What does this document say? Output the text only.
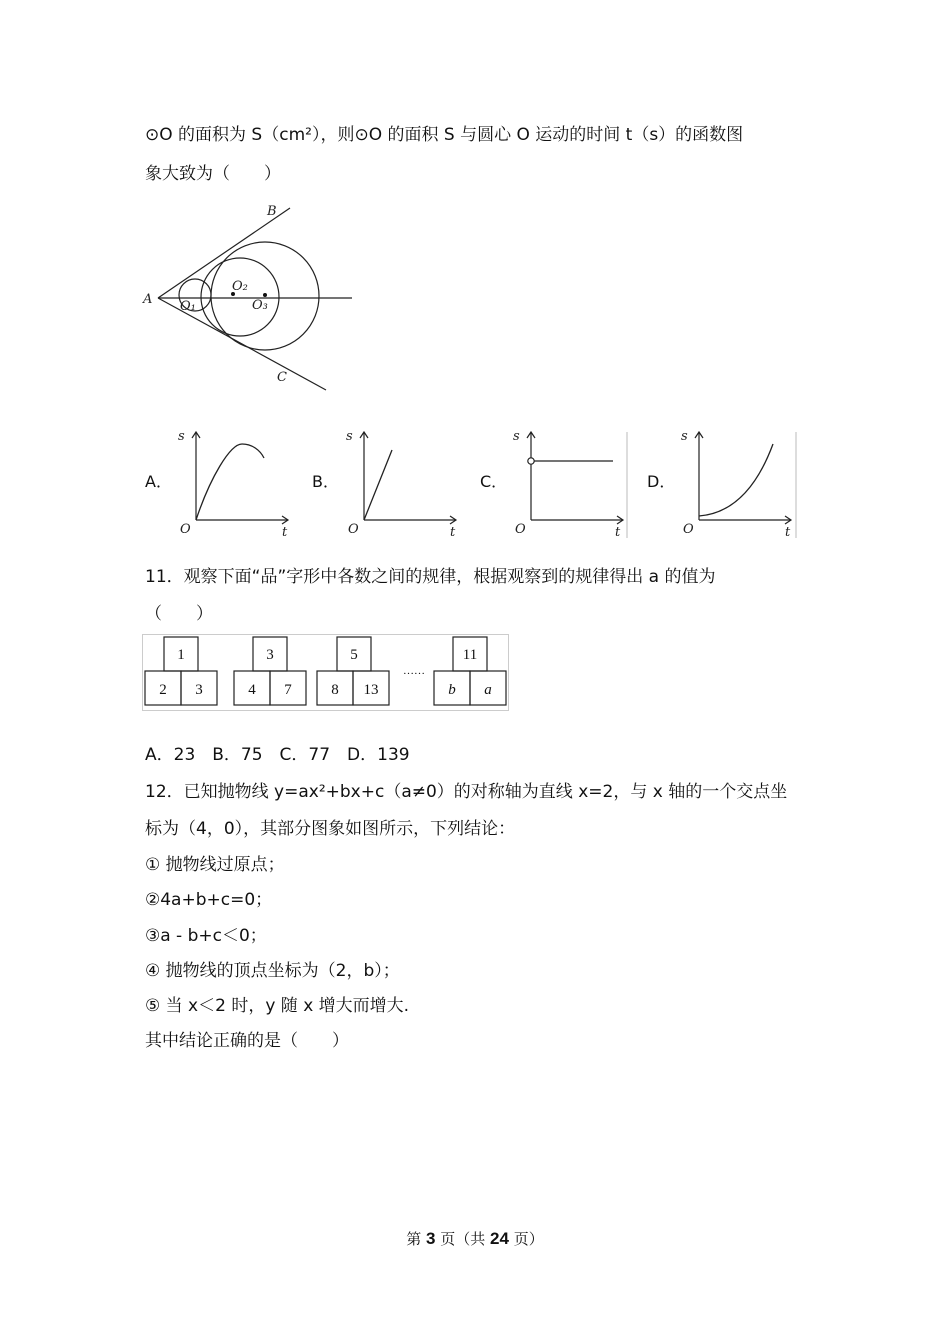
⊙O 的面积为 S（cm²），则⊙O 的面积 S 与圆心 O 运动的时间 t（s）的函数图
象大致为（　　）
A
B
C
O₁
O₂
O₃
A．
s
O	t
B．
s
O	t
C．
s
O	t
D．
s
O	t
11．观察下面“品”字形中各数之间的规律，根据观察到的规律得出 a 的值为
（　　）
1
2 3
3
4 7
5
8 13
……
11
b a
A．23　B．75　C．77　D．139
12．已知抛物线 y=ax²+bx+c（a≠0）的对称轴为直线 x=2，与 x 轴的一个交点坐
标为（4，0），其部分图象如图所示，下列结论：
① 抛物线过原点；
②4a+b+c=0；
③a - b+c＜0；
④ 抛物线的顶点坐标为（2，b）；
⑤ 当 x＜2 时，y 随 x 增大而增大.
其中结论正确的是（　　）
第 3 页（共 24 页）
